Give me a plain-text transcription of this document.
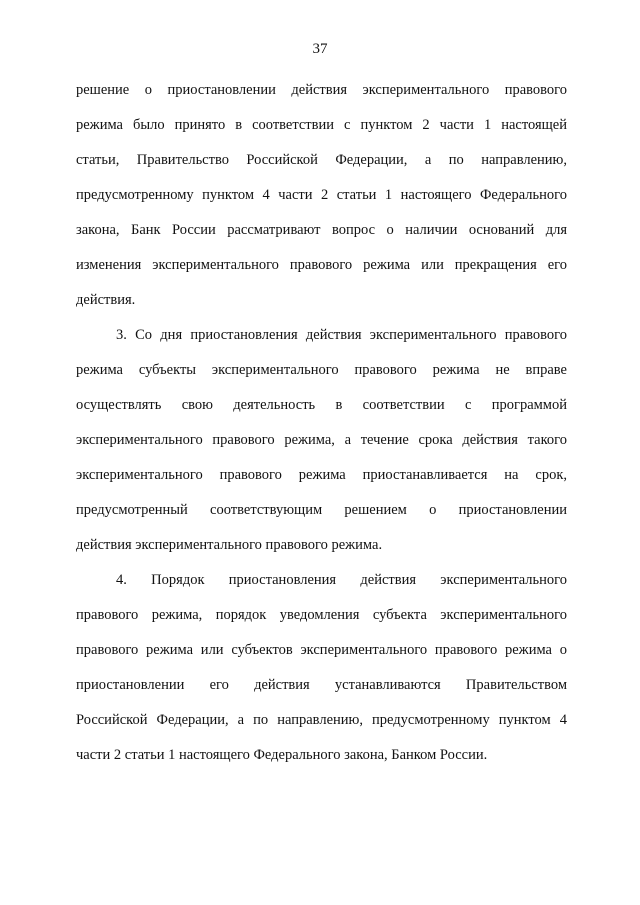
37

решение о приостановлении действия экспериментального правового
режима было принято в соответствии с пунктом 2 части 1 настоящей
статьи, Правительство Российской Федерации, а по направлению,
предусмотренному пунктом 4 части 2 статьи 1 настоящего Федерального
закона, Банк России рассматривают вопрос о наличии оснований для
изменения экспериментального правового режима или прекращения его
действия.

3. Со дня приостановления действия экспериментального правового
режима субъекты экспериментального правового режима не вправе
осуществлять свою деятельность в соответствии с программой
экспериментального правового режима, а течение срока действия такого
экспериментального правового режима приостанавливается на срок,
предусмотренный соответствующим решением о приостановлении
действия экспериментального правового режима.

4. Порядок приостановления действия экспериментального
правового режима, порядок уведомления субъекта экспериментального
правового режима или субъектов экспериментального правового режима о
приостановлении его действия устанавливаются Правительством
Российской Федерации, а по направлению, предусмотренному пунктом 4
части 2 статьи 1 настоящего Федерального закона, Банком России.
